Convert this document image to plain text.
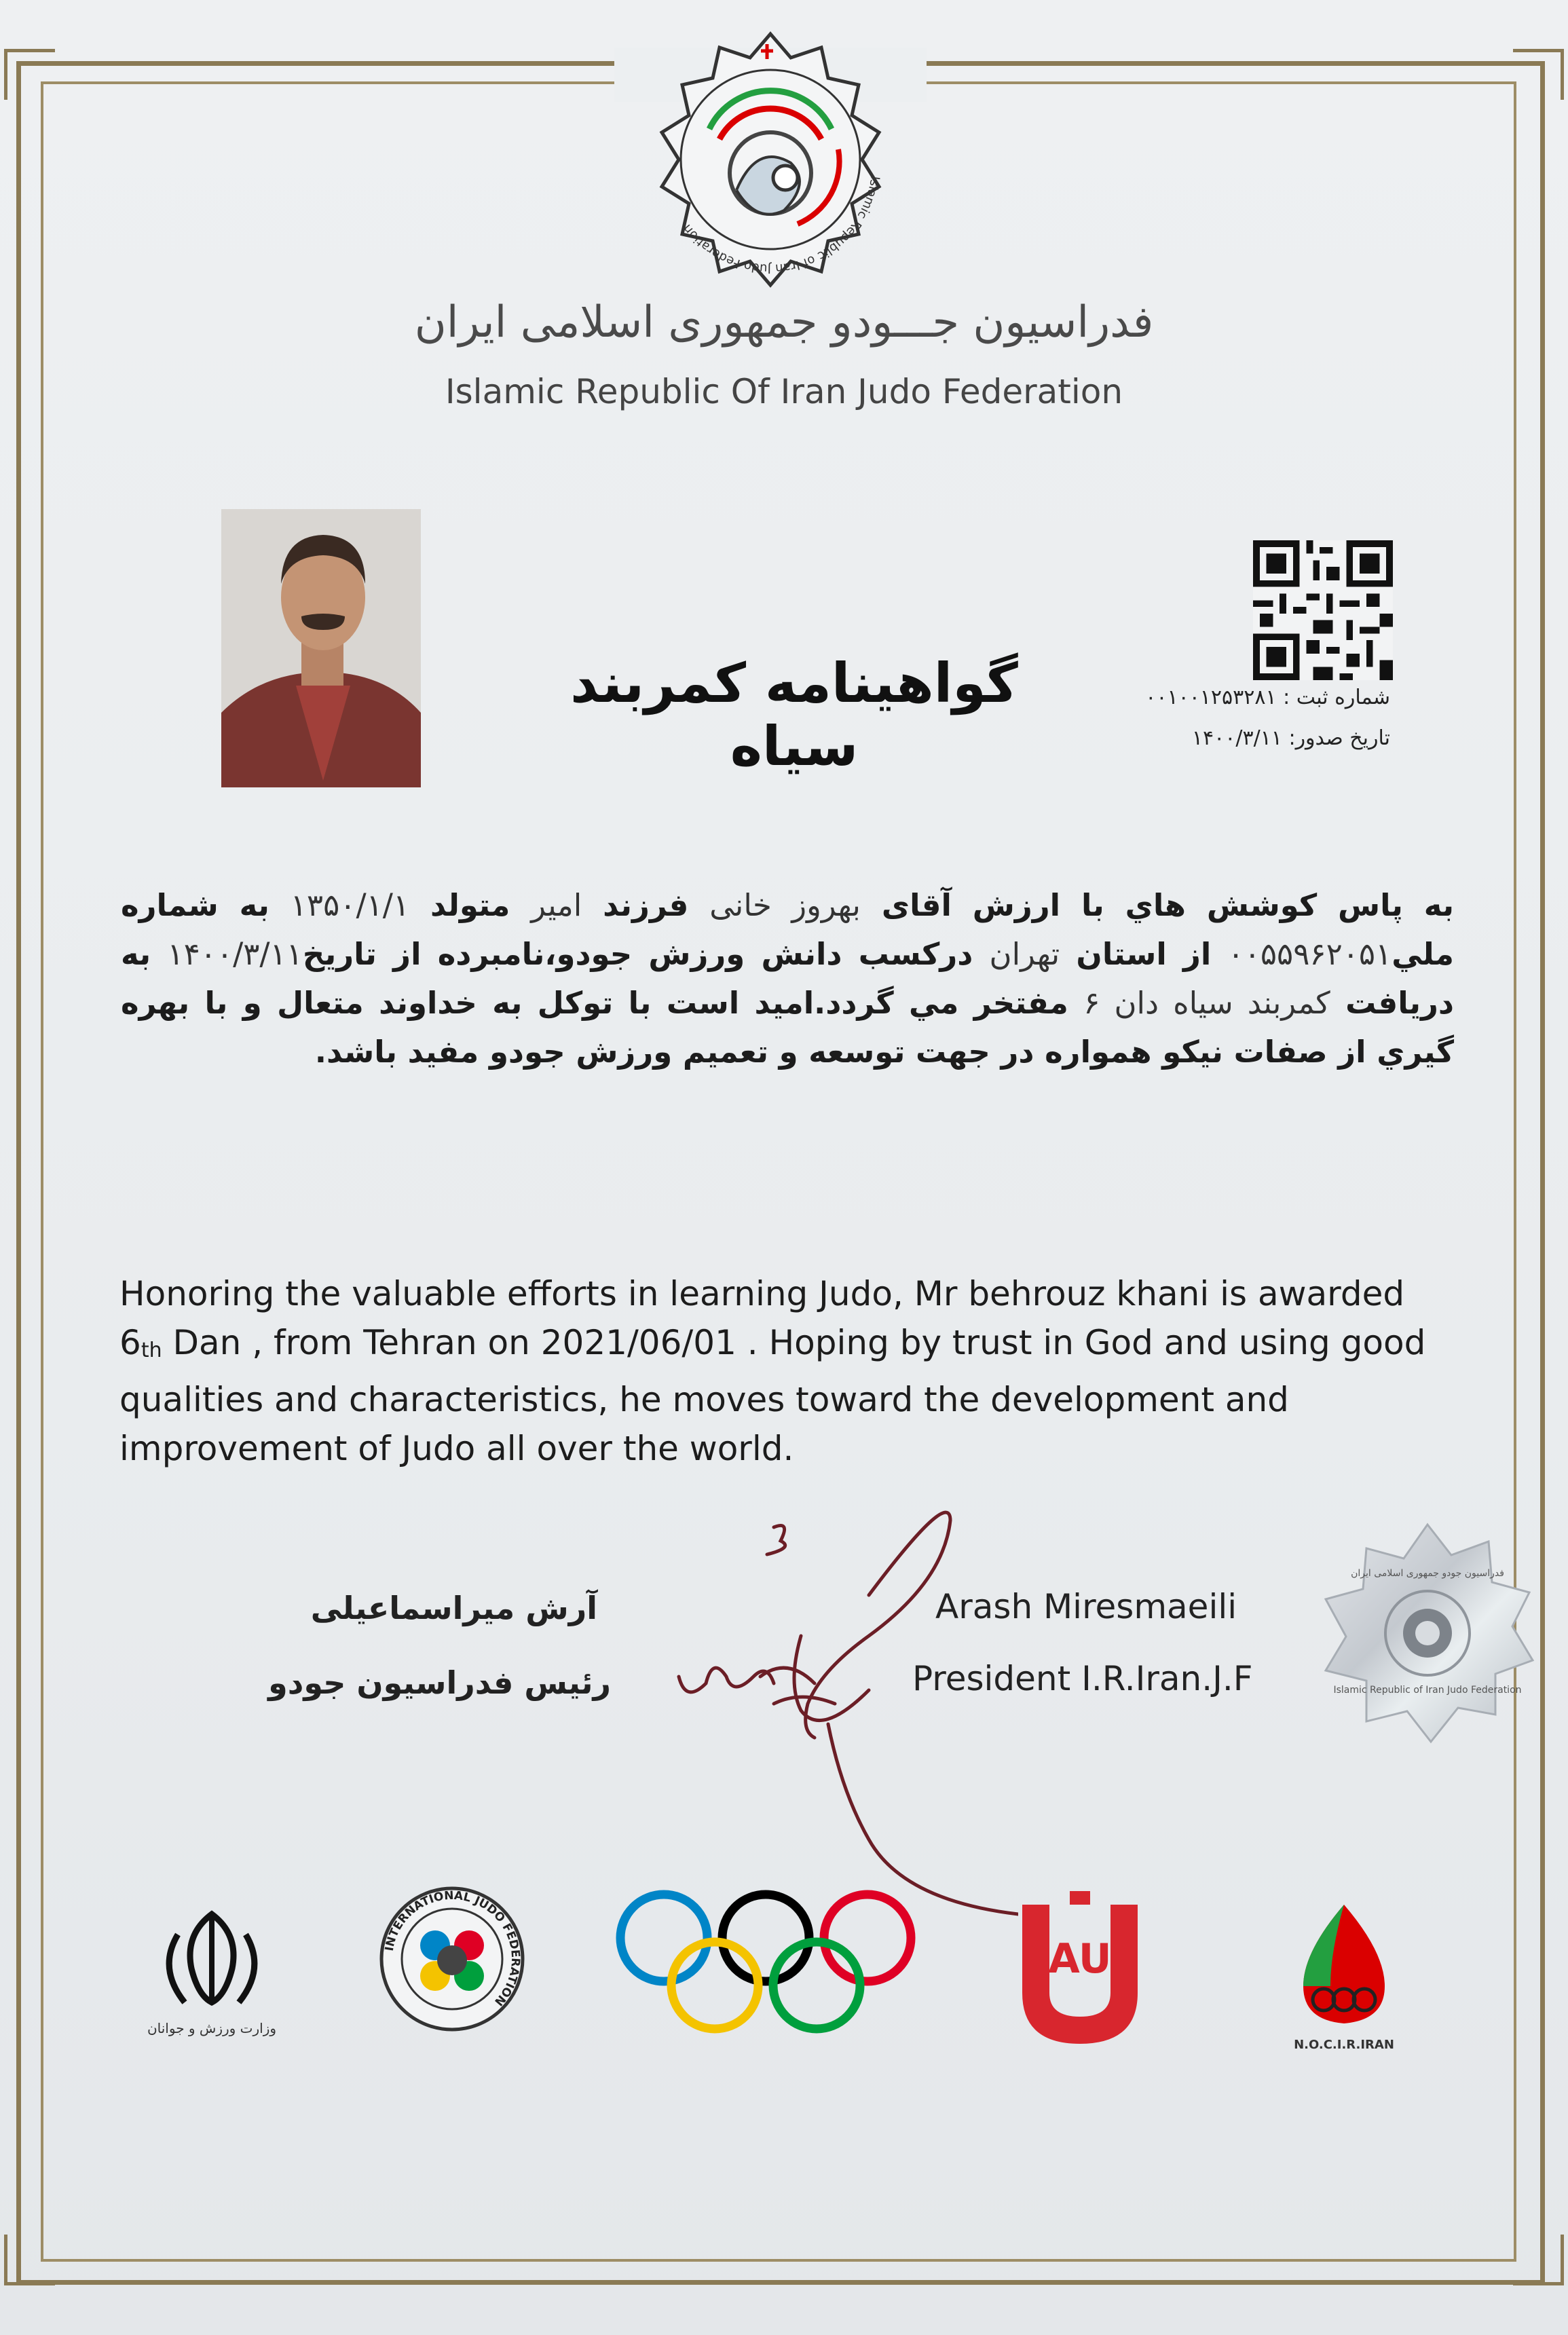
Islamic Republic of Iran Judo Federation
فدراسیون جـــودو جمهوری اسلامی ایران
Islamic Republic Of Iran Judo Federation
گواهینامه کمربند سیاه
شماره ثبت : ۰۰۱۰۰۱۲۵۳۲۸۱
تاریخ صدور: ۱۴۰۰/۳/۱۱
به پاس کوشش هاي با ارزش آقای بهروز خانی فرزند امیر متولد ۱۳۵۰/۱/۱ به شماره ملي۰۰۵۵۹۶۲۰۵۱ از استان تهران درکسب دانش ورزش جودو،نامبرده از تاریخ۱۴۰۰/۳/۱۱ به دریافت کمربند سیاه دان ۶ مفتخر مي گردد.امید است با توکل به خداوند متعال و با بهره گيري از صفات نيكو همواره در جهت توسعه و تعميم ورزش جودو مفيد باشد.
Honoring the valuable efforts in learning Judo, Mr behrouz khani is awarded $6_{th}$ Dan , from Tehran on 2021/06/01 . Hoping by trust in God and using good qualities and characteristics, he moves toward the development and improvement of Judo all over the world.
آرش میراسماعیلی
رئیس فدراسیون جودو
Arash Miresmaeili
President I.R.Iran.J.F	Islamic Republic of Iran Judo Federation
فدراسیون جودو جمهوری اسلامی ایران
وزارت ورزش و جوانان
INTERNATIONAL JUDO FEDERATION
AU
N.O.C.I.R.IRAN
